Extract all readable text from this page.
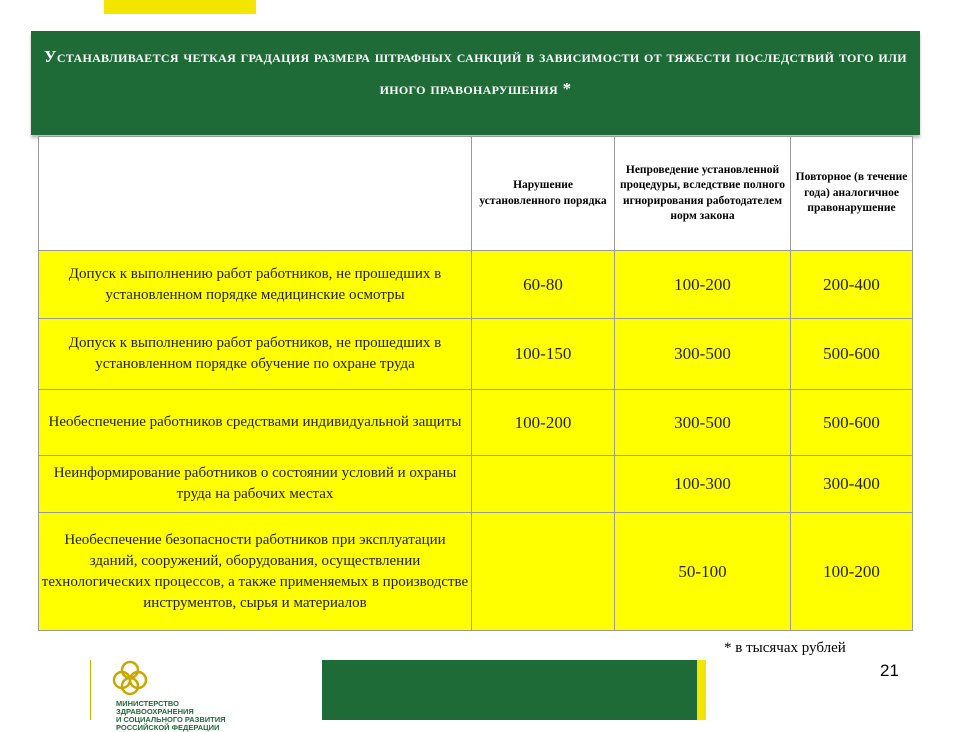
Устанавливается четкая градация размера штрафных санкций в зависимости от тяжести последствий того или иного правонарушения *
	Нарушение установленного порядка	Непроведение установленной процедуры, вследствие полного игнорирования работодателем норм закона	Повторное (в течение года) аналогичное правонарушение
Допуск к выполнению работ работников, не прошедших в установленном порядке медицинские осмотры	60-80	100-200	200-400
Допуск к выполнению работ работников, не прошедших в установленном порядке обучение по охране труда	100-150	300-500	500-600
Необеспечение работников средствами индивидуальной защиты	100-200	300-500	500-600
Неинформирование работников о состоянии условий и охраны труда на рабочих местах		100-300	300-400
Необеспечение безопасности работников при эксплуатации зданий, сооружений, оборудования, осуществлении технологических процессов, а также применяемых в производстве инструментов, сырья и материалов		50-100	100-200
* в тысячах рублей
МИНИСТЕРСТВО
ЗДРАВООХРАНЕНИЯ
И СОЦИАЛЬНОГО РАЗВИТИЯ
РОССИЙСКОЙ ФЕДЕРАЦИИ
21
